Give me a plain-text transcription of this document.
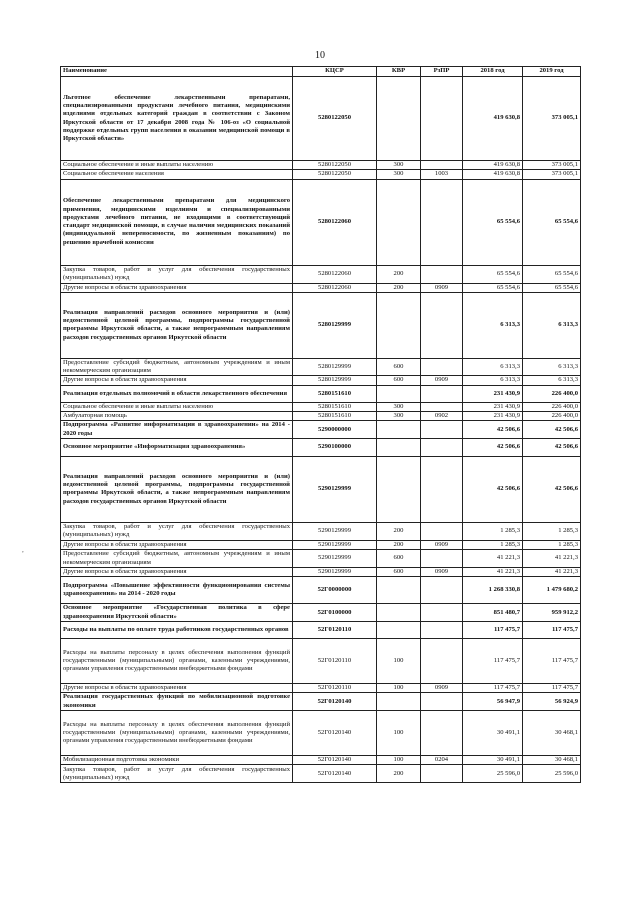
10
Наименование	КЦСР	КВР	РзПР	2018 год	2019 год
Льготное обеспечение лекарственными препаратами, специализированными продуктами лечебного питания, медицинскими изделиями отдельных категорий граждан в соответствии с Законом Иркутской области от 17 декабря 2008 года № 106-оз «О социальной поддержке отдельных групп населения в оказании медицинской помощи в Иркутской области»	5280122050			419 630,8	373 005,1
Социальное обеспечение и иные выплаты населению	5280122050	300		419 630,8	373 005,1
Социальное обеспечение населения	5280122050	300	1003	419 630,8	373 005,1
Обеспечение лекарственными препаратами для медицинского применения, медицинскими изделиями и специализированными продуктами лечебного питания, не входящими в соответствующий стандарт медицинской помощи, в случае наличия медицинских показаний (индивидуальной непереносимости, по жизненным показаниям) по решению врачебной комиссии	5280122060			65 554,6	65 554,6
Закупка товаров, работ и услуг для обеспечения государственных (муниципальных) нужд	5280122060	200		65 554,6	65 554,6
Другие вопросы в области здравоохранения	5280122060	200	0909	65 554,6	65 554,6
Реализация направлений расходов основного мероприятия и (или) ведомственной целевой программы, подпрограммы государственной программы Иркутской области, а также непрограммным направлениям расходов государственных органов Иркутской области	5280129999			6 313,3	6 313,3
Предоставление субсидий бюджетным, автономным учреждениям и иным некоммерческим организациям	5280129999	600		6 313,3	6 313,3
Другие вопросы в области здравоохранения	5280129999	600	0909	6 313,3	6 313,3
Реализация отдельных полномочий в области лекарственного обеспечения	5280151610			231 430,9	226 400,0
Социальное обеспечение и иные выплаты населению	5280151610	300		231 430,9	226 400,0
Амбулаторная помощь	5280151610	300	0902	231 430,9	226 400,0
Подпрограмма «Развитие информатизации в здравоохранении» на 2014 - 2020 годы	5290000000			42 506,6	42 506,6
Основное мероприятие «Информатизация здравоохранения»	5290100000			42 506,6	42 506,6
Реализация направлений расходов основного мероприятия и (или) ведомственной целевой программы, подпрограммы государственной программы Иркутской области, а также непрограммным направлениям расходов государственных органов Иркутской области	5290129999			42 506,6	42 506,6
Закупка товаров, работ и услуг для обеспечения государственных (муниципальных) нужд	5290129999	200		1 285,3	1 285,3
Другие вопросы в области здравоохранения	5290129999	200	0909	1 285,3	1 285,3
Предоставление субсидий бюджетным, автономным учреждениям и иным некоммерческим организациям	5290129999	600		41 221,3	41 221,3
Другие вопросы в области здравоохранения	5290129999	600	0909	41 221,3	41 221,3
Подпрограмма «Повышение эффективности функционирования системы здравоохранения» на 2014 - 2020 годы	52Г0000000			1 268 330,8	1 479 680,2
Основное мероприятие «Государственная политика в сфере здравоохранения Иркутской области»	52Г0100000			851 480,7	959 912,2
Расходы на выплаты по оплате труда работников государственных органов	52Г0120110			117 475,7	117 475,7
Расходы на выплаты персоналу в целях обеспечения выполнения функций государственными (муниципальными) органами, казенными учреждениями, органами управления государственными внебюджетными фондами	52Г0120110	100		117 475,7	117 475,7
Другие вопросы в области здравоохранения	52Г0120110	100	0909	117 475,7	117 475,7
Реализация государственных функций по мобилизационной подготовке экономики	52Г0120140			56 947,9	56 924,9
Расходы на выплаты персоналу в целях обеспечения выполнения функций государственными (муниципальными) органами, казенными учреждениями, органами управления государственными внебюджетными фондами	52Г0120140	100		30 491,1	30 468,1
Мобилизационная подготовка экономики	52Г0120140	100	0204	30 491,1	30 468,1
Закупка товаров, работ и услуг для обеспечения государственных (муниципальных) нужд	52Г0120140	200		25 596,0	25 596,0
,
